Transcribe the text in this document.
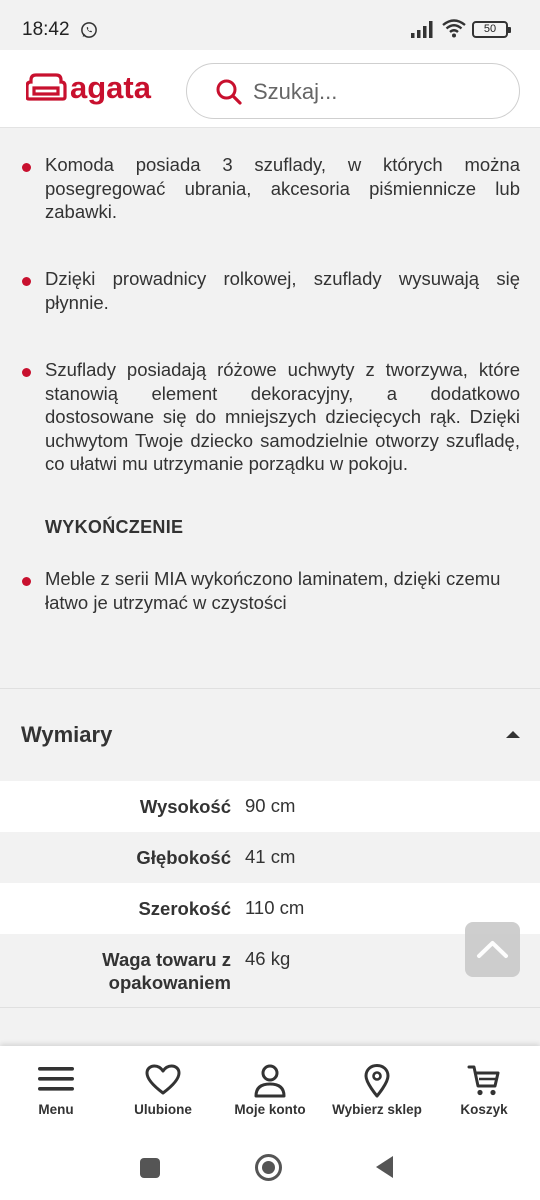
18:42	50
agata
Szukaj...

Komoda posiada 3 szuflady, w których można posegregować ubrania, akcesoria piśmiennicze lub zabawki.

Dzięki prowadnicy rolkowej, szuflady wysuwają się płynnie.

Szuflady posiadają różowe uchwyty z tworzywa, które stanowią element dekoracyjny, a dodatkowo dostosowane się do mniejszych dziecięcych rąk. Dzięki uchwytom Twoje dziecko samodzielnie otworzy szufladę, co ułatwi mu utrzymanie porządku w pokoju.

WYKOŃCZENIE

Meble z serii MIA wykończono laminatem, dzięki czemu łatwo je utrzymać w czystości

Wymiary
Wysokość 90 cm
Głębokość 41 cm
Szerokość 110 cm
Waga towaru z opakowaniem
46 kg
Menu	Ulubione	Moje konto	Wybierz sklep	Koszyk
